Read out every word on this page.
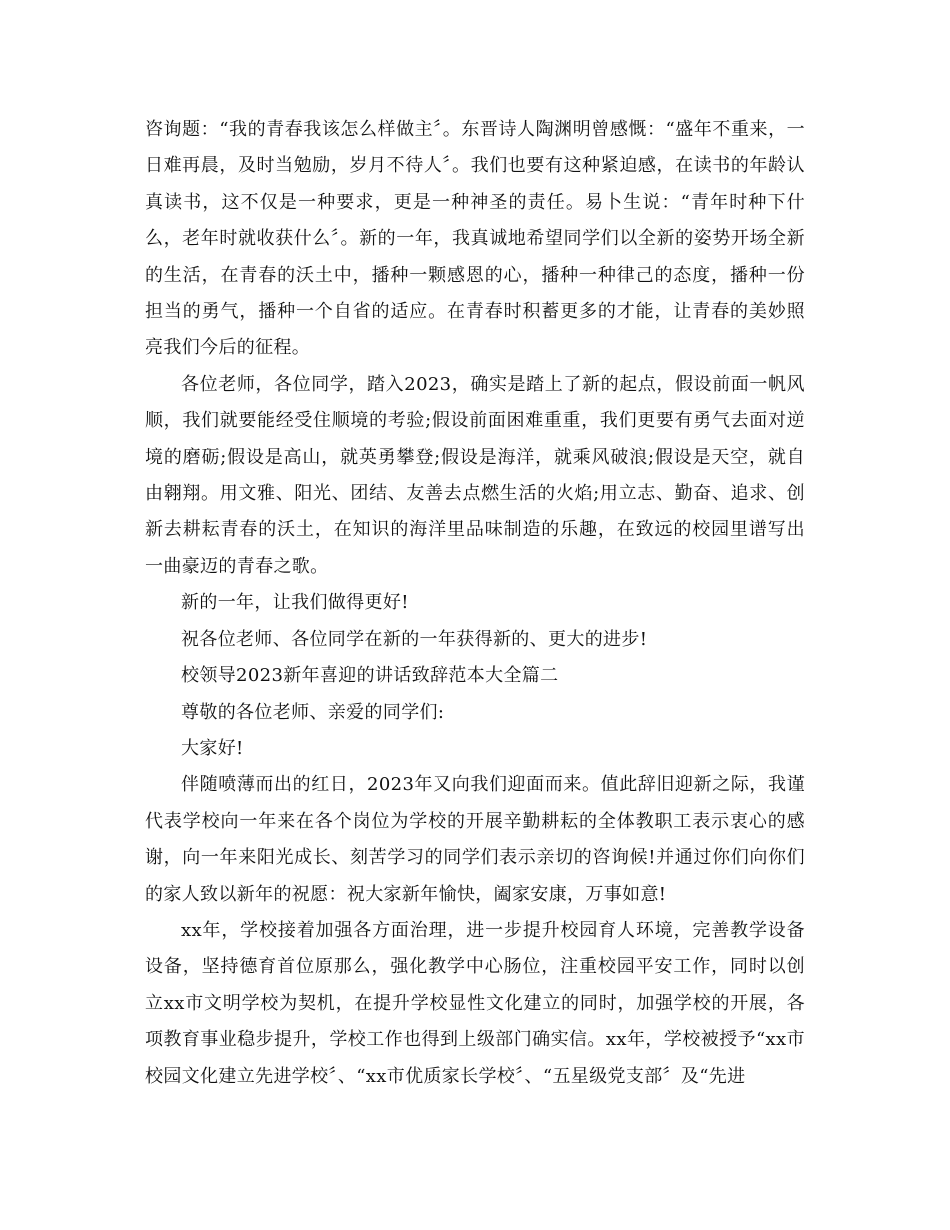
咨询题：“我的青春我该怎么样做主〞。东晋诗人陶渊明曾感慨：“盛年不重来，一日难再晨，及时当勉励，岁月不待人〞。我们也要有这种紧迫感，在读书的年龄认真读书，这不仅是一种要求，更是一种神圣的责任。易卜生说：“青年时种下什么，老年时就收获什么〞。新的一年，我真诚地希望同学们以全新的姿势开场全新的生活，在青春的沃土中，播种一颗感恩的心，播种一种律己的态度，播种一份担当的勇气，播种一个自省的适应。在青春时积蓄更多的才能，让青春的美妙照亮我们今后的征程。

各位老师，各位同学，踏入2023，确实是踏上了新的起点，假设前面一帆风顺，我们就要能经受住顺境的考验;假设前面困难重重，我们更要有勇气去面对逆境的磨砺;假设是高山，就英勇攀登;假设是海洋，就乘风破浪;假设是天空，就自由翱翔。用文雅、阳光、团结、友善去点燃生活的火焰;用立志、勤奋、追求、创新去耕耘青春的沃土，在知识的海洋里品味制造的乐趣，在致远的校园里谱写出一曲豪迈的青春之歌。

新的一年，让我们做得更好!

祝各位老师、各位同学在新的一年获得新的、更大的进步!

校领导2023新年喜迎的讲话致辞范本大全篇二

尊敬的各位老师、亲爱的同学们:

大家好!

伴随喷薄而出的红日，2023年又向我们迎面而来。值此辞旧迎新之际，我谨代表学校向一年来在各个岗位为学校的开展辛勤耕耘的全体教职工表示衷心的感谢，向一年来阳光成长、刻苦学习的同学们表示亲切的咨询候!并通过你们向你们的家人致以新年的祝愿：祝大家新年愉快，阖家安康，万事如意!

xx年，学校接着加强各方面治理，进一步提升校园育人环境，完善教学设备设备，坚持德育首位原那么，强化教学中心肠位，注重校园平安工作，同时以创立xx市文明学校为契机，在提升学校显性文化建立的同时，加强学校的开展，各项教育事业稳步提升，学校工作也得到上级部门确实信。xx年，学校被授予“xx市校园文化建立先进学校〞、“xx市优质家长学校〞、“五星级党支部〞及“先进
